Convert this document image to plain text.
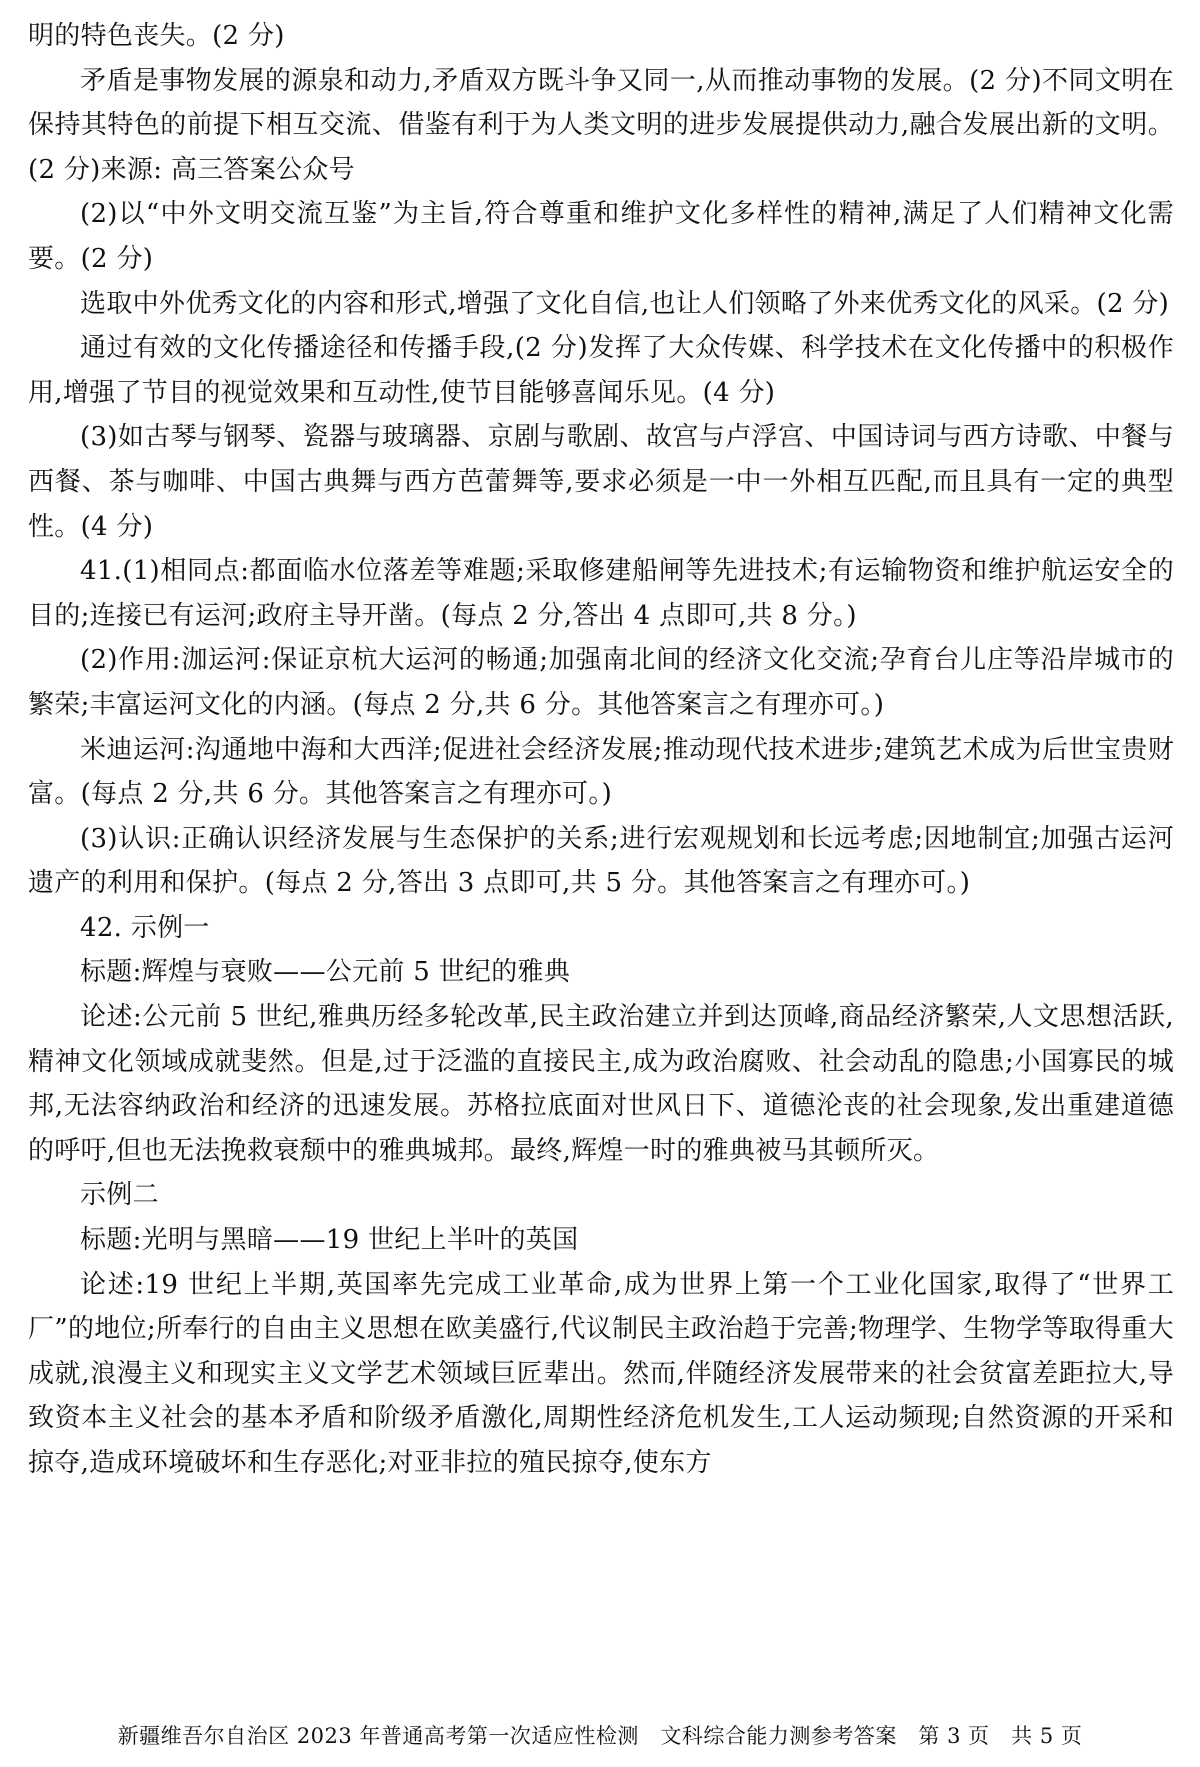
明的特色丧失。(2 分)

矛盾是事物发展的源泉和动力,矛盾双方既斗争又同一,从而推动事物的发展。(2 分)不同文明在保持其特色的前提下相互交流、借鉴有利于为人类文明的进步发展提供动力,融合发展出新的文明。(2 分)来源: 高三答案公众号

(2)以“中外文明交流互鉴”为主旨,符合尊重和维护文化多样性的精神,满足了人们精神文化需要。(2 分)

选取中外优秀文化的内容和形式,增强了文化自信,也让人们领略了外来优秀文化的风采。(2 分)

通过有效的文化传播途径和传播手段,(2 分)发挥了大众传媒、科学技术在文化传播中的积极作用,增强了节目的视觉效果和互动性,使节目能够喜闻乐见。(4 分)

(3)如古琴与钢琴、瓷器与玻璃器、京剧与歌剧、故宫与卢浮宫、中国诗词与西方诗歌、中餐与西餐、茶与咖啡、中国古典舞与西方芭蕾舞等,要求必须是一中一外相互匹配,而且具有一定的典型性。(4 分)

41.(1)相同点:都面临水位落差等难题;采取修建船闸等先进技术;有运输物资和维护航运安全的目的;连接已有运河;政府主导开凿。(每点 2 分,答出 4 点即可,共 8 分。)

(2)作用:泇运河:保证京杭大运河的畅通;加强南北间的经济文化交流;孕育台儿庄等沿岸城市的繁荣;丰富运河文化的内涵。(每点 2 分,共 6 分。其他答案言之有理亦可。)

米迪运河:沟通地中海和大西洋;促进社会经济发展;推动现代技术进步;建筑艺术成为后世宝贵财富。(每点 2 分,共 6 分。其他答案言之有理亦可。)

(3)认识:正确认识经济发展与生态保护的关系;进行宏观规划和长远考虑;因地制宜;加强古运河遗产的利用和保护。(每点 2 分,答出 3 点即可,共 5 分。其他答案言之有理亦可。)

42. 示例一

标题:辉煌与衰败——公元前 5 世纪的雅典

论述:公元前 5 世纪,雅典历经多轮改革,民主政治建立并到达顶峰,商品经济繁荣,人文思想活跃,精神文化领域成就斐然。但是,过于泛滥的直接民主,成为政治腐败、社会动乱的隐患;小国寡民的城邦,无法容纳政治和经济的迅速发展。苏格拉底面对世风日下、道德沦丧的社会现象,发出重建道德的呼吁,但也无法挽救衰颓中的雅典城邦。最终,辉煌一时的雅典被马其顿所灭。

示例二

标题:光明与黑暗——19 世纪上半叶的英国

论述:19 世纪上半期,英国率先完成工业革命,成为世界上第一个工业化国家,取得了“世界工厂”的地位;所奉行的自由主义思想在欧美盛行,代议制民主政治趋于完善;物理学、生物学等取得重大成就,浪漫主义和现实主义文学艺术领域巨匠辈出。然而,伴随经济发展带来的社会贫富差距拉大,导致资本主义社会的基本矛盾和阶级矛盾激化,周期性经济危机发生,工人运动频现;自然资源的开采和掠夺,造成环境破坏和生存恶化;对亚非拉的殖民掠夺,使东方

新疆维吾尔自治区 2023 年普通高考第一次适应性检测　文科综合能力测参考答案　第 3 页　共 5 页
